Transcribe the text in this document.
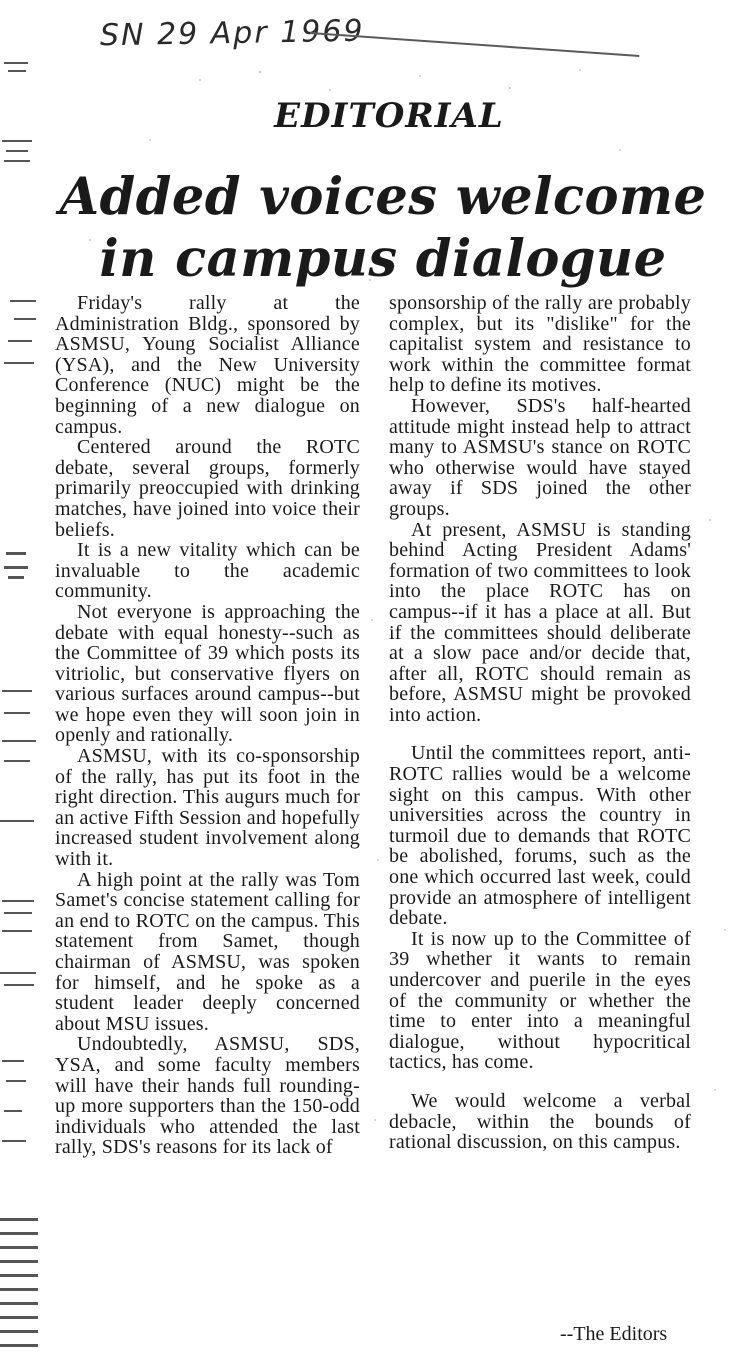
SN 29 Apr 1969
EDITORIAL
Added voices welcome
in campus dialogue

Friday's rally at the Administration Bldg., sponsored by ASMSU, Young Socialist Alliance (YSA), and the New University Conference (NUC) might be the beginning of a new dialogue on campus.

Centered around the ROTC debate, several groups, formerly primarily preoccupied with drinking matches, have joined into voice their beliefs.

It is a new vitality which can be invaluable to the academic community.

Not everyone is approaching the debate with equal honesty--such as the Committee of 39 which posts its vitriolic, but conservative flyers on various surfaces around campus--but we hope even they will soon join in openly and rationally.

ASMSU, with its co-sponsorship of the rally, has put its foot in the right direction. This augurs much for an active Fifth Session and hopefully increased student involvement along with it.

A high point at the rally was Tom Samet's concise statement calling for an end to ROTC on the campus. This statement from Samet, though chairman of ASMSU, was spoken for himself, and he spoke as a student leader deeply concerned about MSU issues.

Undoubtedly, ASMSU, SDS, YSA, and some faculty members will have their hands full rounding-up more supporters than the 150-odd individuals who attended the last rally, SDS's reasons for its lack of

sponsorship of the rally are probably complex, but its "dislike" for the capitalist system and resistance to work within the committee format help to define its motives.

However, SDS's half-hearted attitude might instead help to attract many to ASMSU's stance on ROTC who otherwise would have stayed away if SDS joined the other groups.

At present, ASMSU is standing behind Acting President Adams' formation of two committees to look into the place ROTC has on campus--if it has a place at all. But if the committees should deliberate at a slow pace and/or decide that, after all, ROTC should remain as before, ASMSU might be provoked into action.

Until the committees report, anti-ROTC rallies would be a welcome sight on this campus. With other universities across the country in turmoil due to demands that ROTC be abolished, forums, such as the one which occurred last week, could provide an atmosphere of intelligent debate.

It is now up to the Committee of 39 whether it wants to remain undercover and puerile in the eyes of the community or whether the time to enter into a meaningful dialogue, without hypocritical tactics, has come.

We would welcome a verbal debacle, within the bounds of rational discussion, on this campus.

--The Editors
